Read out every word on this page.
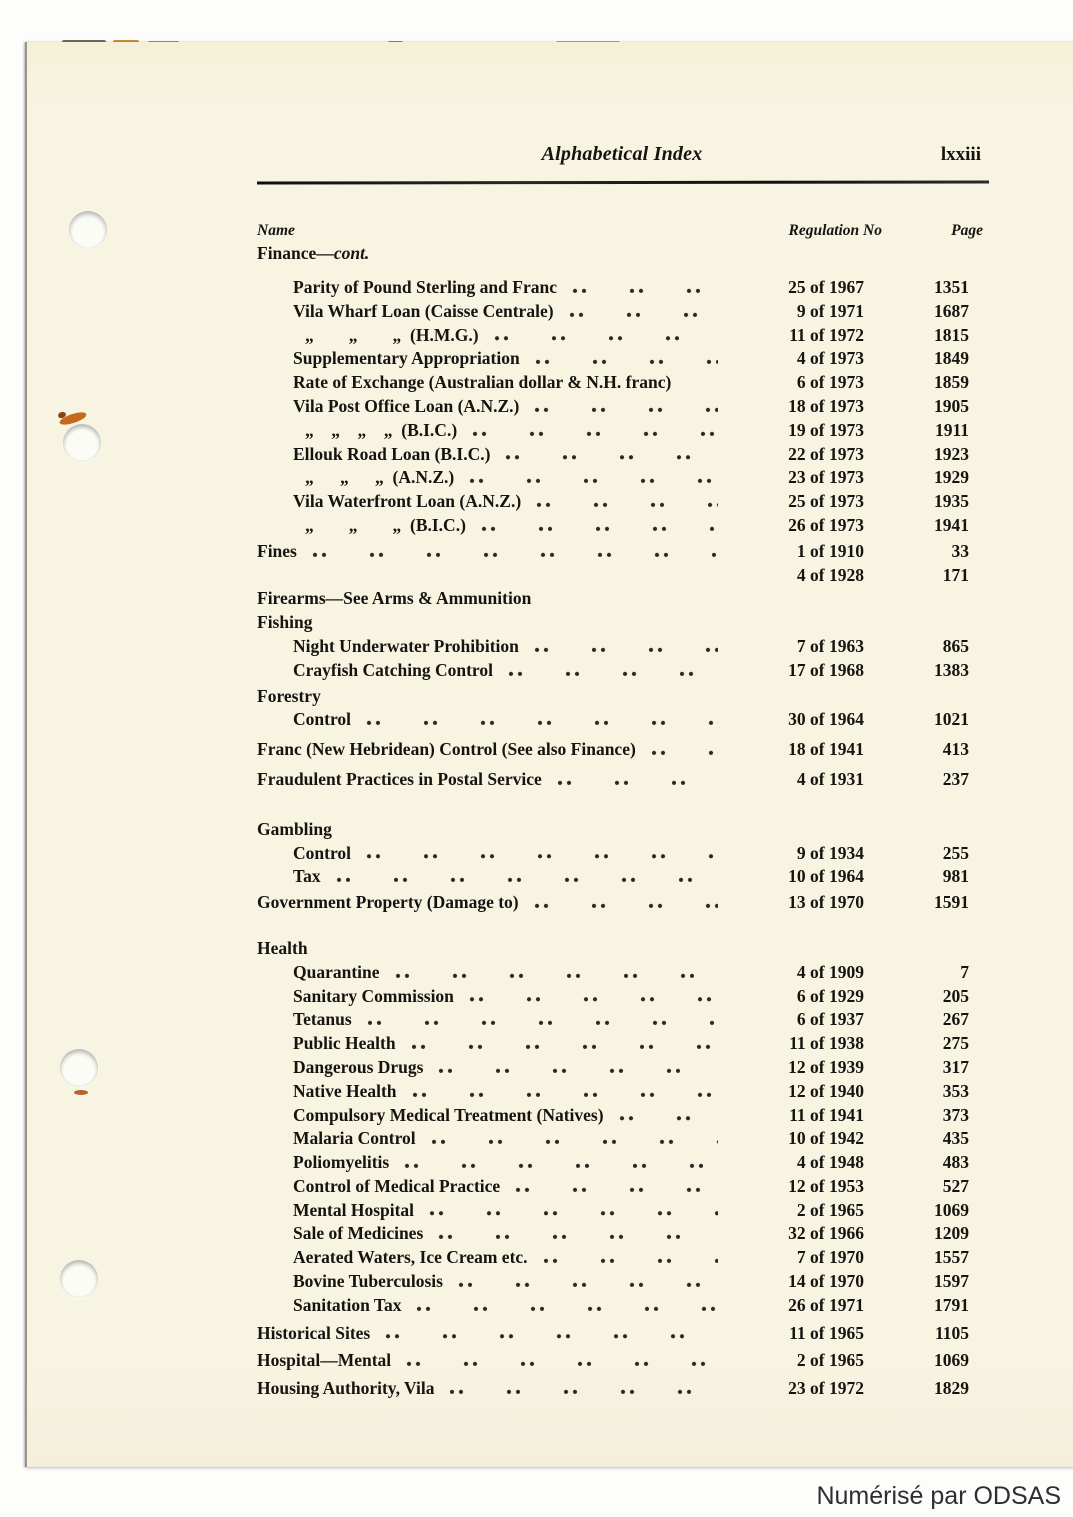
Alphabetical Index	lxxiii
Name	Regulation No	Page
Finance—cont.
Parity of Pound Sterling and Franc	25 of 1967	1351
Vila Wharf Loan (Caisse Centrale)	9 of 1971	1687
„  „  „ (H.M.G.)	11 of 1972	1815
Supplementary Appropriation	4 of 1973	1849
Rate of Exchange (Australian dollar & N.H. franc)	6 of 1973	1859
Vila Post Office Loan (A.N.Z.)	18 of 1973	1905
„ „ „ „ (B.I.C.)	19 of 1973	1911
Ellouk Road Loan (B.I.C.)	22 of 1973	1923
„  „  „ (A.N.Z.)	23 of 1973	1929
Vila Waterfront Loan (A.N.Z.)	25 of 1973	1935
„  „  „ (B.I.C.)	26 of 1973	1941
Fines	1 of 1910	33
4 of 1928	171
Firearms—See Arms & Ammunition
Fishing
Night Underwater Prohibition	7 of 1963	865
Crayfish Catching Control	17 of 1968	1383
Forestry
Control	30 of 1964	1021
Franc (New Hebridean) Control (See also Finance)	18 of 1941	413
Fraudulent Practices in Postal Service	4 of 1931	237
Gambling
Control	9 of 1934	255
Tax	10 of 1964	981
Government Property (Damage to)	13 of 1970	1591
Health
Quarantine	4 of 1909	7
Sanitary Commission	6 of 1929	205
Tetanus	6 of 1937	267
Public Health	11 of 1938	275
Dangerous Drugs	12 of 1939	317
Native Health	12 of 1940	353
Compulsory Medical Treatment (Natives)	11 of 1941	373
Malaria Control	10 of 1942	435
Poliomyelitis	4 of 1948	483
Control of Medical Practice	12 of 1953	527
Mental Hospital	2 of 1965	1069
Sale of Medicines	32 of 1966	1209
Aerated Waters, Ice Cream etc.	7 of 1970	1557
Bovine Tuberculosis	14 of 1970	1597
Sanitation Tax	26 of 1971	1791
Historical Sites	11 of 1965	1105
Hospital—Mental	2 of 1965	1069
Housing Authority, Vila	23 of 1972	1829
Numérisé par ODSAS
